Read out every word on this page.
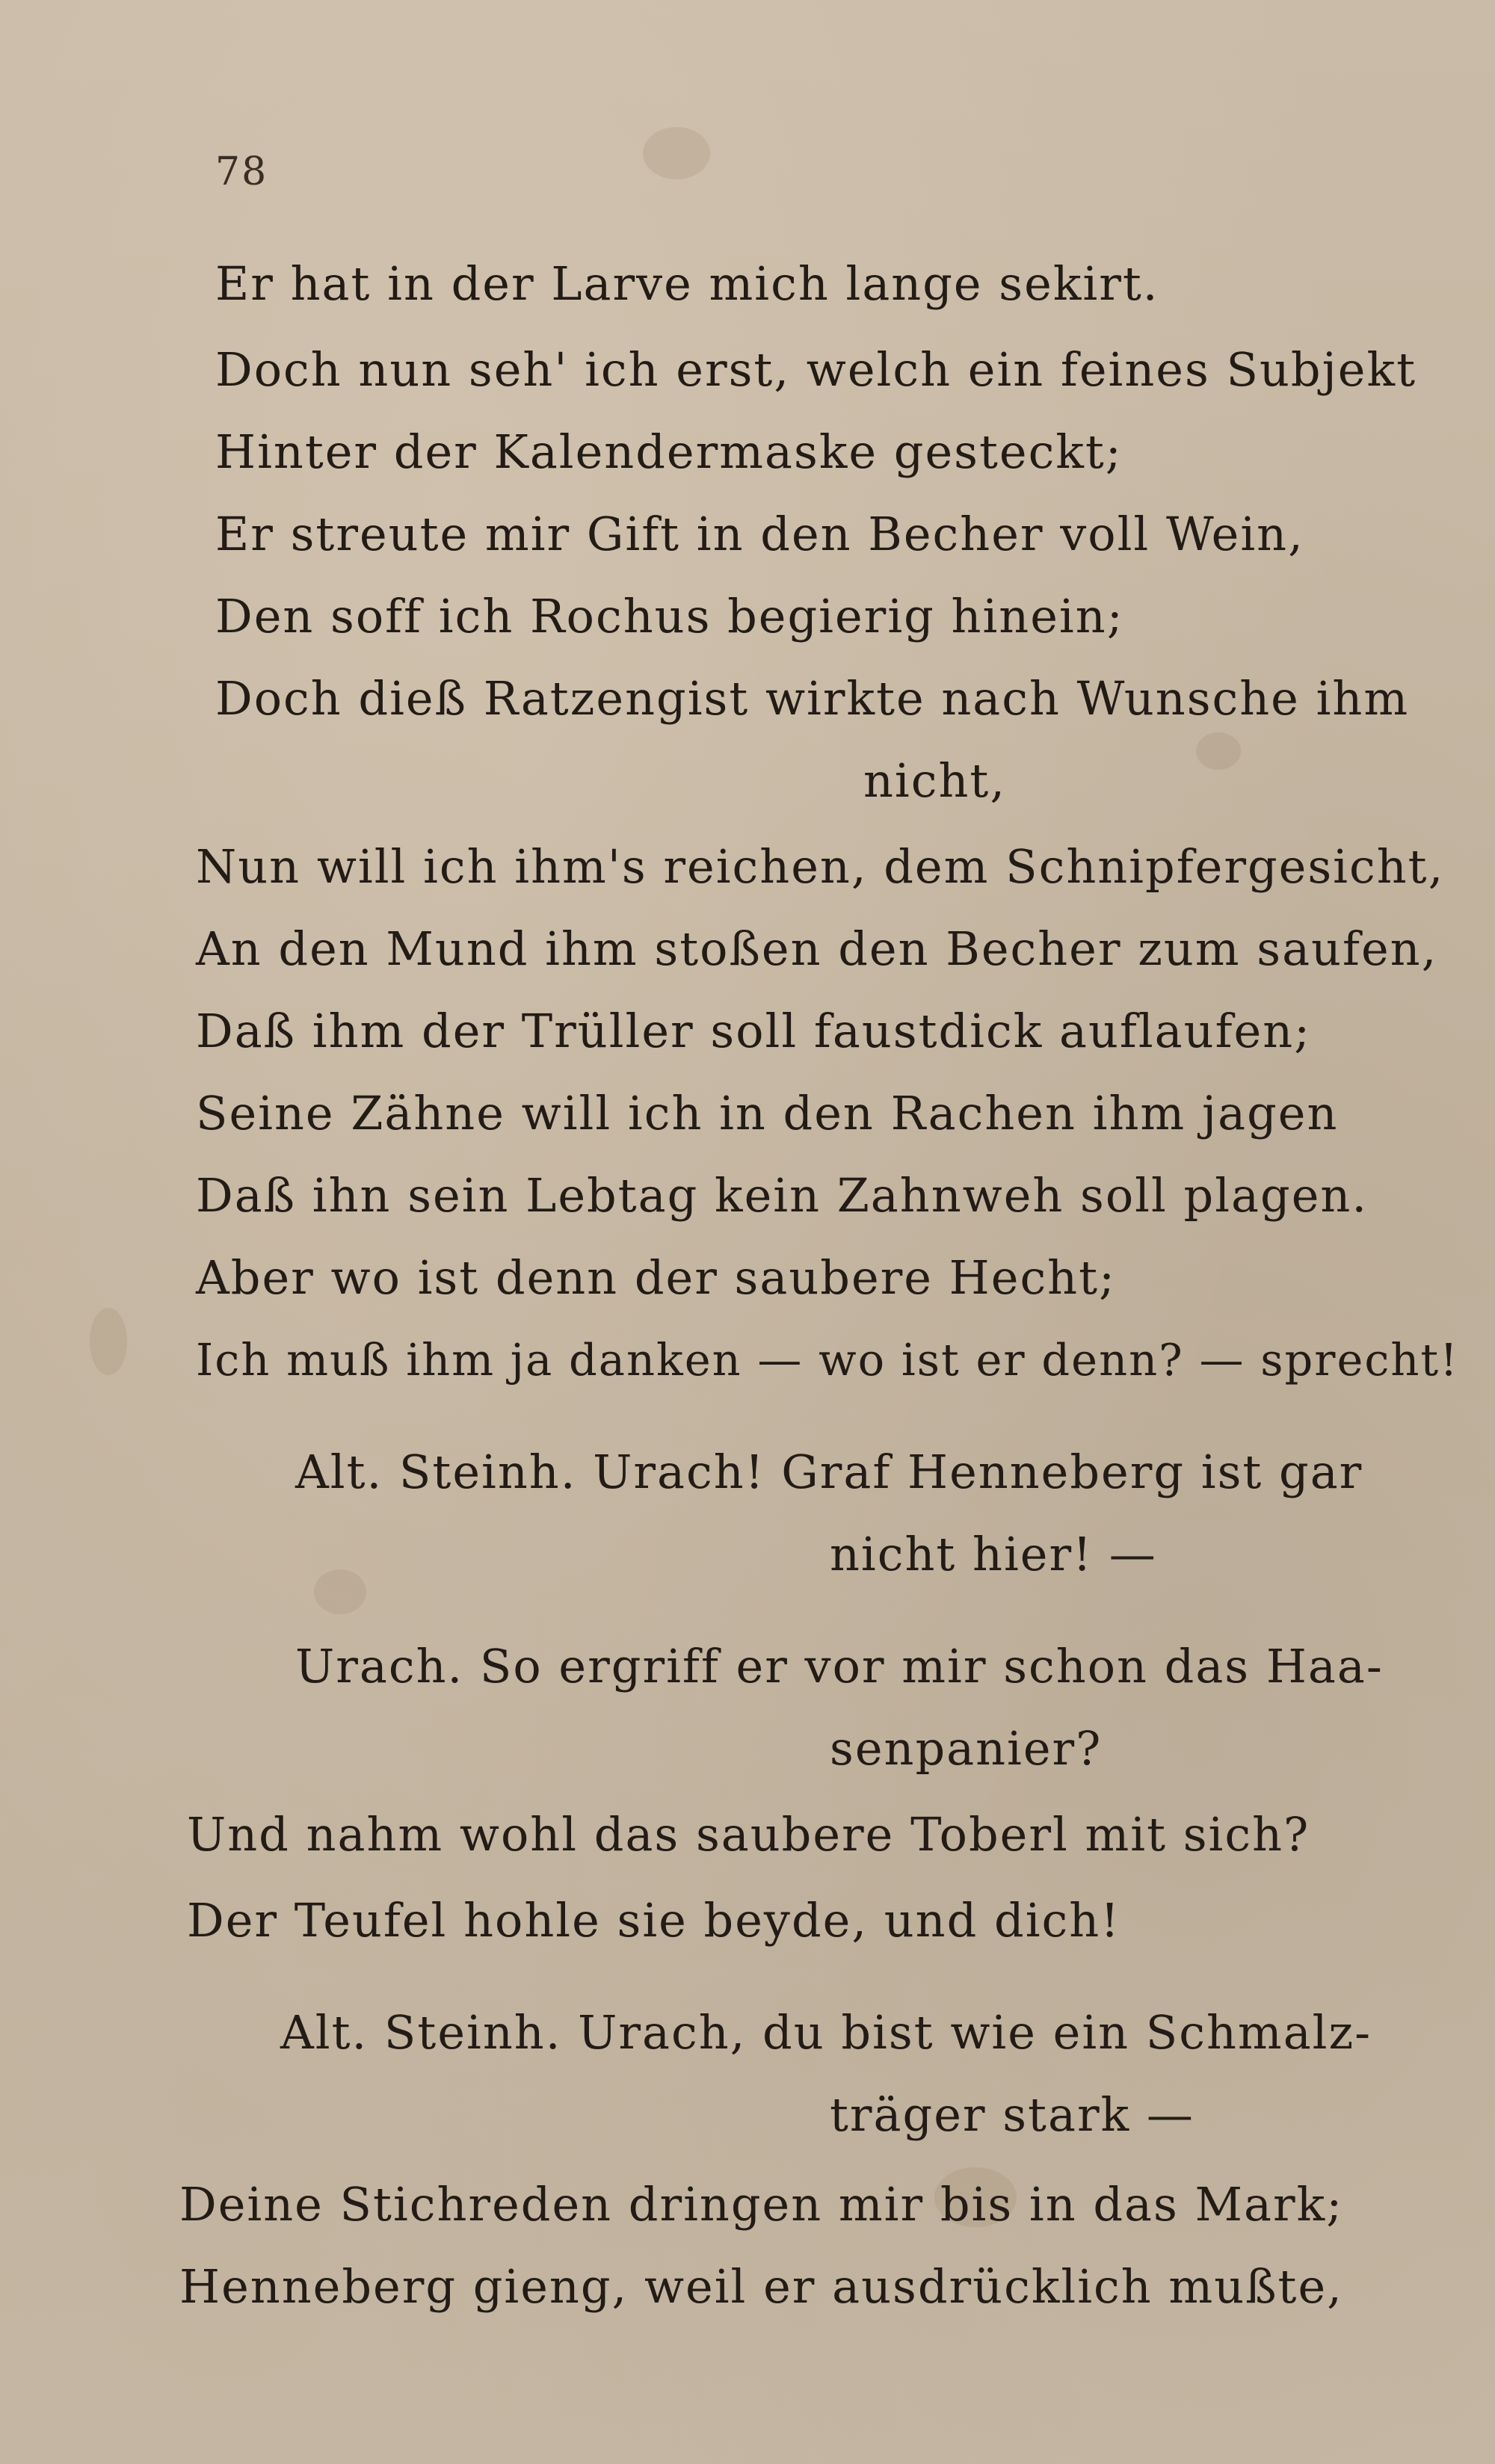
78
Er hat in der Larve mich lange sekirt.
Doch nun seh' ich erst, welch ein feines Subjekt
Hinter der Kalendermaske gesteckt;
Er streute mir Gift in den Becher voll Wein,
Den soff ich Rochus begierig hinein;
Doch dieß Ratzengist wirkte nach Wunsche ihm
nicht,
Nun will ich ihm's reichen, dem Schnipfergesicht,
An den Mund ihm stoßen den Becher zum saufen,
Daß ihm der Trüller soll faustdick auflaufen;
Seine Zähne will ich in den Rachen ihm jagen
Daß ihn sein Lebtag kein Zahnweh soll plagen.
Aber wo ist denn der saubere Hecht;
Ich muß ihm ja danken — wo ist er denn? — sprecht!
Alt. Steinh. Urach! Graf Henneberg ist gar
nicht hier! —
Urach. So ergriff er vor mir schon das Haa-
senpanier?
Und nahm wohl das saubere Toberl mit sich?
Der Teufel hohle sie beyde, und dich!
Alt. Steinh. Urach, du bist wie ein Schmalz-
träger stark —
Deine Stichreden dringen mir bis in das Mark;
Henneberg gieng, weil er ausdrücklich mußte,
